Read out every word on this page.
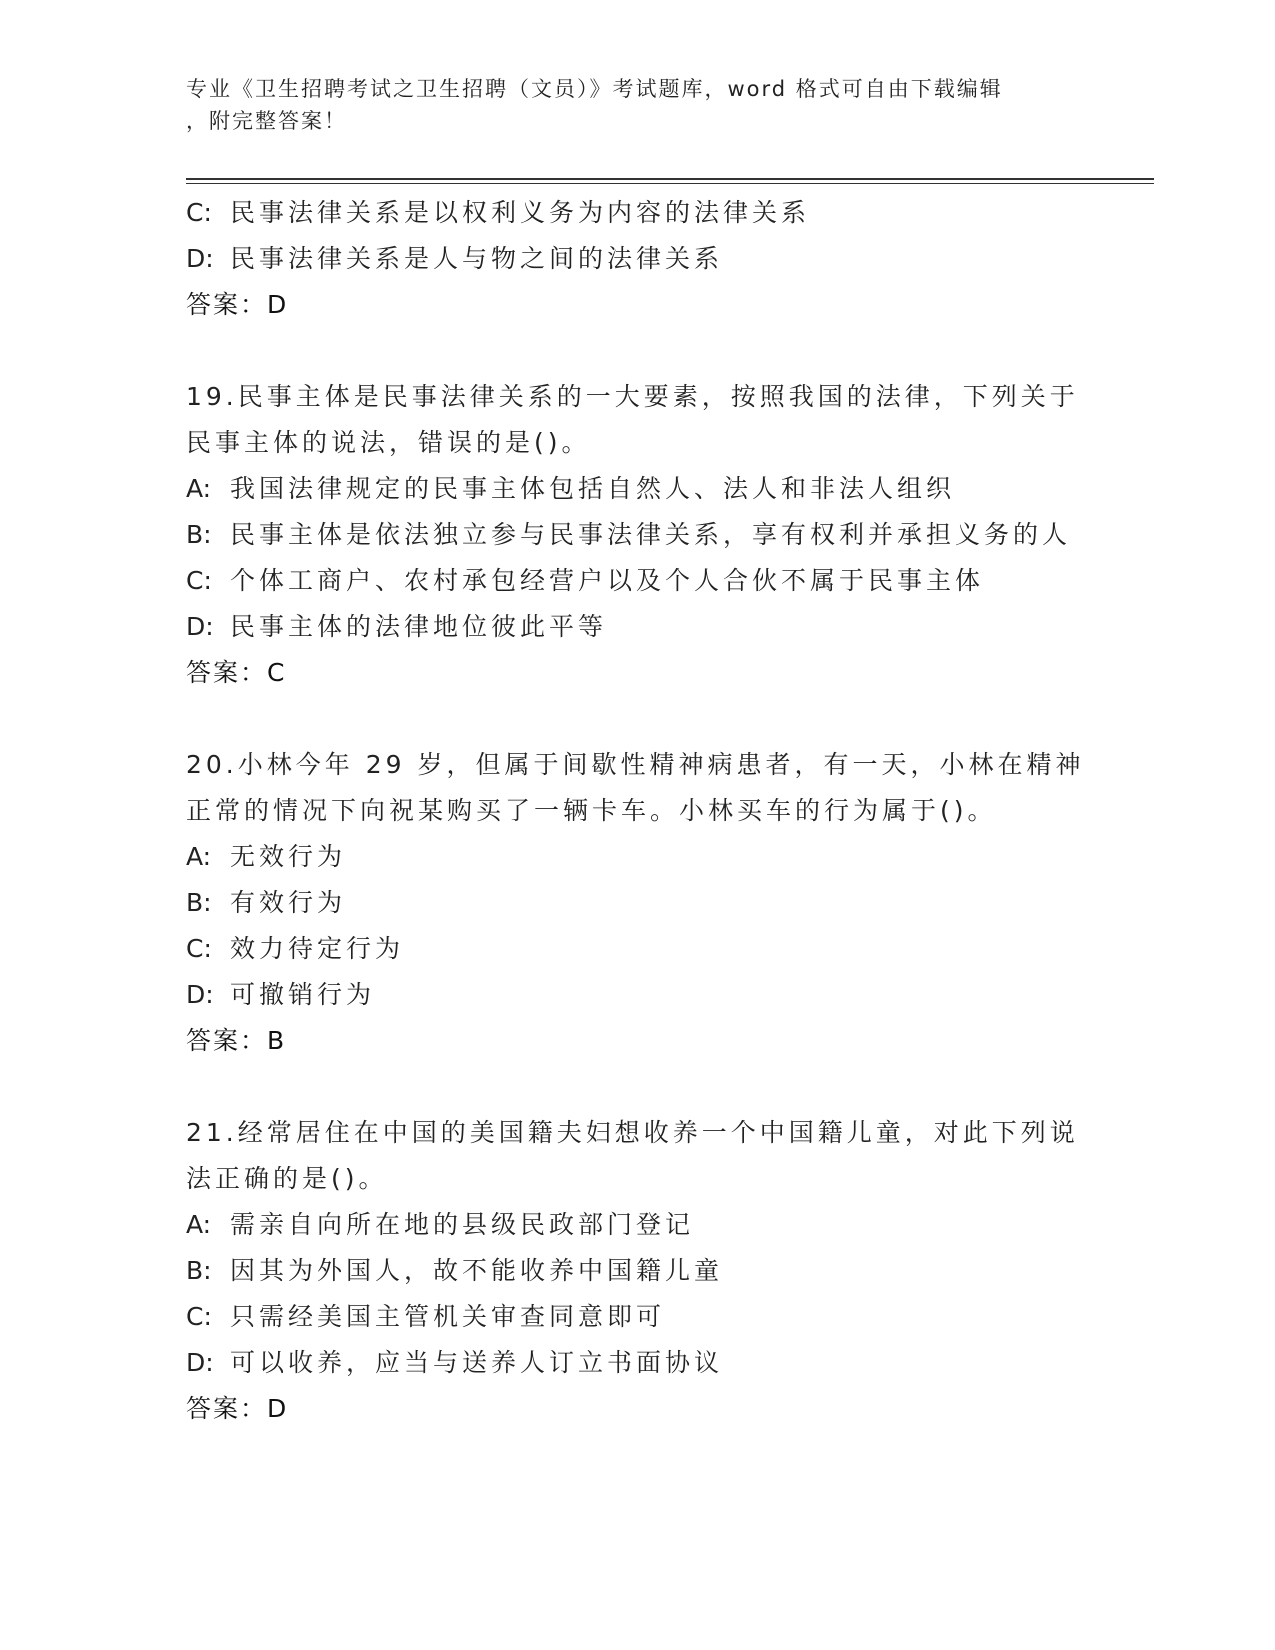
专业《卫生招聘考试之卫生招聘（文员）》考试题库，word 格式可自由下载编辑
，附完整答案！
C: 民事法律关系是以权利义务为内容的法律关系
D: 民事法律关系是人与物之间的法律关系
答案：D
19.民事主体是民事法律关系的一大要素，按照我国的法律，下列关于
民事主体的说法，错误的是()。
A: 我国法律规定的民事主体包括自然人、法人和非法人组织
B: 民事主体是依法独立参与民事法律关系，享有权利并承担义务的人
C: 个体工商户、农村承包经营户以及个人合伙不属于民事主体
D: 民事主体的法律地位彼此平等
答案：C
20.小林今年 29 岁，但属于间歇性精神病患者，有一天，小林在精神
正常的情况下向祝某购买了一辆卡车。小林买车的行为属于()。
A: 无效行为
B: 有效行为
C: 效力待定行为
D: 可撤销行为
答案：B
21.经常居住在中国的美国籍夫妇想收养一个中国籍儿童，对此下列说
法正确的是()。
A: 需亲自向所在地的县级民政部门登记
B: 因其为外国人，故不能收养中国籍儿童
C: 只需经美国主管机关审查同意即可
D: 可以收养，应当与送养人订立书面协议
答案：D
